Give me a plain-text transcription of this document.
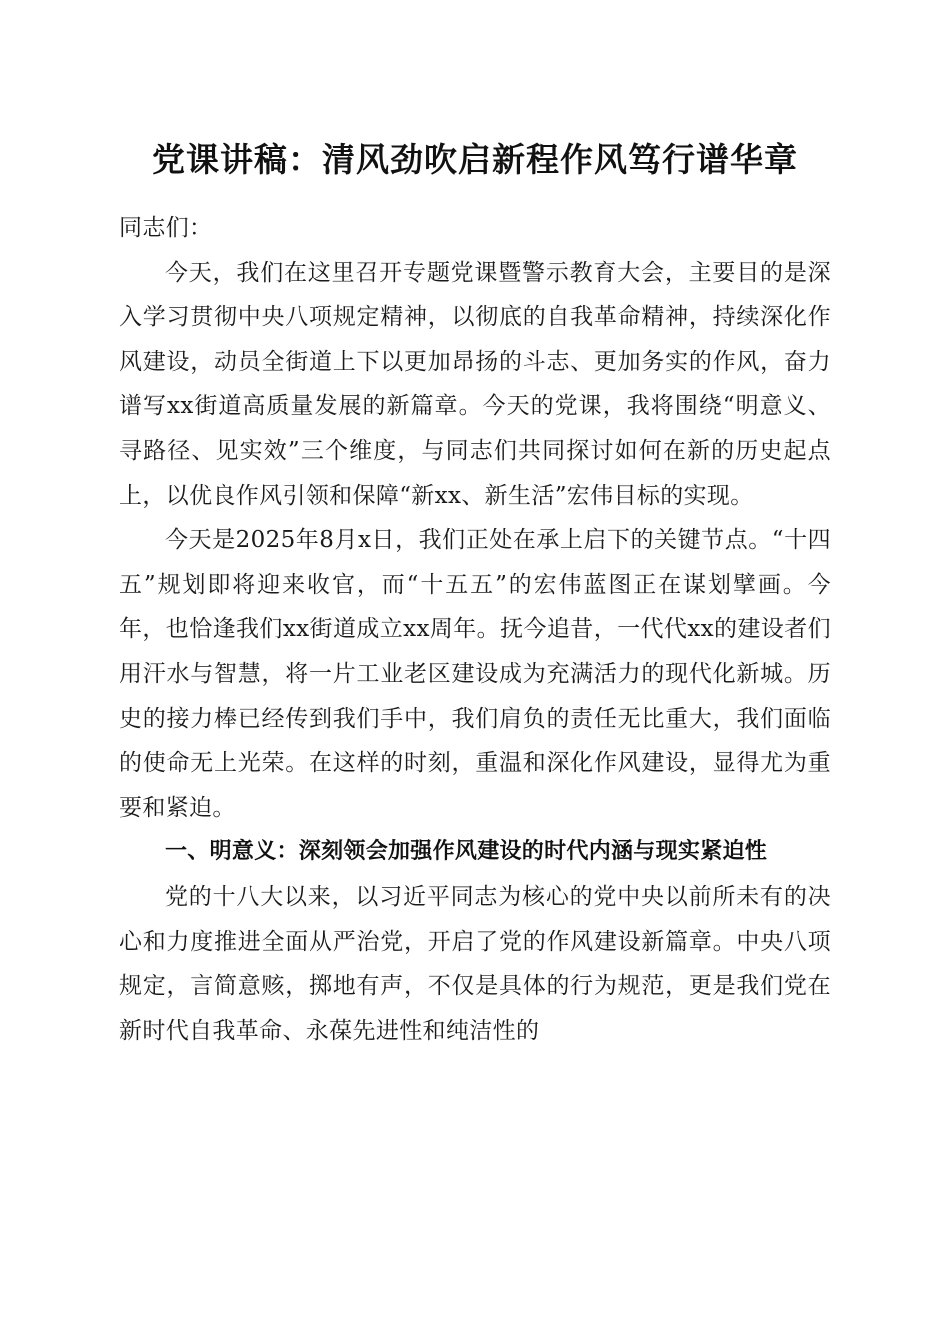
党课讲稿：清风劲吹启新程作风笃行谱华章

同志们：

今天，我们在这里召开专题党课暨警示教育大会，主要目的是深入学习贯彻中央八项规定精神，以彻底的自我革命精神，持续深化作风建设，动员全街道上下以更加昂扬的斗志、更加务实的作风，奋力谱写xx街道高质量发展的新篇章。今天的党课，我将围绕“明意义、寻路径、见实效”三个维度，与同志们共同探讨如何在新的历史起点上，以优良作风引领和保障“新xx、新生活”宏伟目标的实现。

今天是2025年8月x日，我们正处在承上启下的关键节点。“十四五”规划即将迎来收官，而“十五五”的宏伟蓝图正在谋划擘画。今年，也恰逢我们xx街道成立xx周年。抚今追昔，一代代xx的建设者们用汗水与智慧，将一片工业老区建设成为充满活力的现代化新城。历史的接力棒已经传到我们手中，我们肩负的责任无比重大，我们面临的使命无上光荣。在这样的时刻，重温和深化作风建设，显得尤为重要和紧迫。

一、明意义：深刻领会加强作风建设的时代内涵与现实紧迫性

党的十八大以来，以习近平同志为核心的党中央以前所未有的决心和力度推进全面从严治党，开启了党的作风建设新篇章。中央八项规定，言简意赅，掷地有声，不仅是具体的行为规范，更是我们党在新时代自我革命、永葆先进性和纯洁性的
